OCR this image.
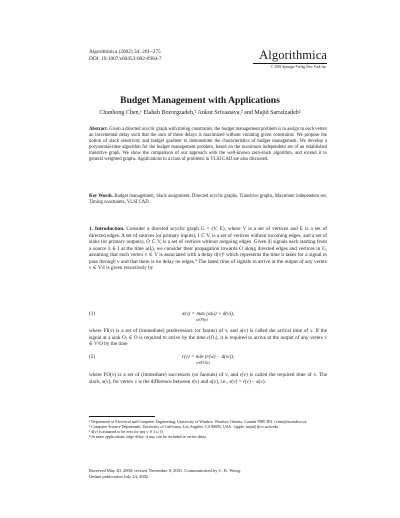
Algorithmica (2002) 34: 261–275
DOI: 10.1007/s00453-002-0964-7	Algorithmica
© 2002 Springer-Verlag New York Inc.
Budget Management with Applications
Chunhong Chen,¹ Elaheh Bozorgzadeh,² Ankur Srivastava,² and Majid Sarrafzadeh²
Abstract. Given a directed acyclic graph with timing constraints, the budget management problem is to assign to each vertex an incremental delay such that the sum of these delays is maximized without violating given constraints. We propose the notion of slack sensitivity and budget gradient to demonstrate the characteristics of budget management. We develop a polynomial-time algorithm for the budget management problem, based on the maximum independent set of an established transitive graph. We show the comparison of our approach with the well-known zero-slack algorithm, and extend it to general weighted graphs. Applications to a class of problems in VLSI CAD are also discussed.
Key Words. Budget management, Slack assignment, Directed acyclic graphs, Transitive graphs, Maximum independent set, Timing constraints, VLSI CAD.
1. Introduction. Consider a directed acyclic graph G = (V, E), where V is a set of vertices and E is a set of directed edges. A set of sources (or primary inputs), I ⊂ V, is a set of vertices without incoming edges, and a set of sinks (or primary outputs), O ⊂ V, is a set of vertices without outgoing edges. Given |I| signals each starting from a source Iᵢ ∈ I at the time a(Iᵢ), we consider their propagation towards O along directed edges and vertices in G, assuming that each vertex v ∈ V is associated with a delay d(v)³ which represents the time it takes for a signal to pass through v and that there is no delay on edges.⁴ The latest time of signals to arrive at the output of any vertex v ∈ V\I is given recursively by
(1)	a(v) = max (a(u) + d(v)),
u∈FI(v)
where FI(v) is a set of (immediate) predecessors (or fanins) of v, and a(v) is called the arrival time of v. If the signal at a sink Oⱼ ∈ O is required to arrive by the time r(Oⱼ), it is required to arrive at the output of any vertex v ∈ V\O by the time
(2)	r(v) = min (r(w) − d(w)),
w∈FO(v)
where FO(v) is a set of (immediate) successors (or fanouts) of v, and r(v) is called the required time of v. The slack, s(v), for vertex v is the difference between r(v) and a(v), i.e., s(v) = r(v) − a(v).
¹ Department of Electrical and Computer Engineering, University of Windsor, Windsor, Ontario, Canada N9B 3P4. cchen@uwindsor.ca.
² Computer Science Department, University of California, Los Angeles, CA 90095, USA. {apple, majid}@cs.ucla.edu.
³ d(v) is assumed to be zero for any v ∈ I ∪ O.
⁴ In some applications, edge delay, if any, can be included in vertex delay.
Received May 20, 2000; revised November 8, 2001. Communicated by C. K. Wong.
Online publication July 24, 2002.
